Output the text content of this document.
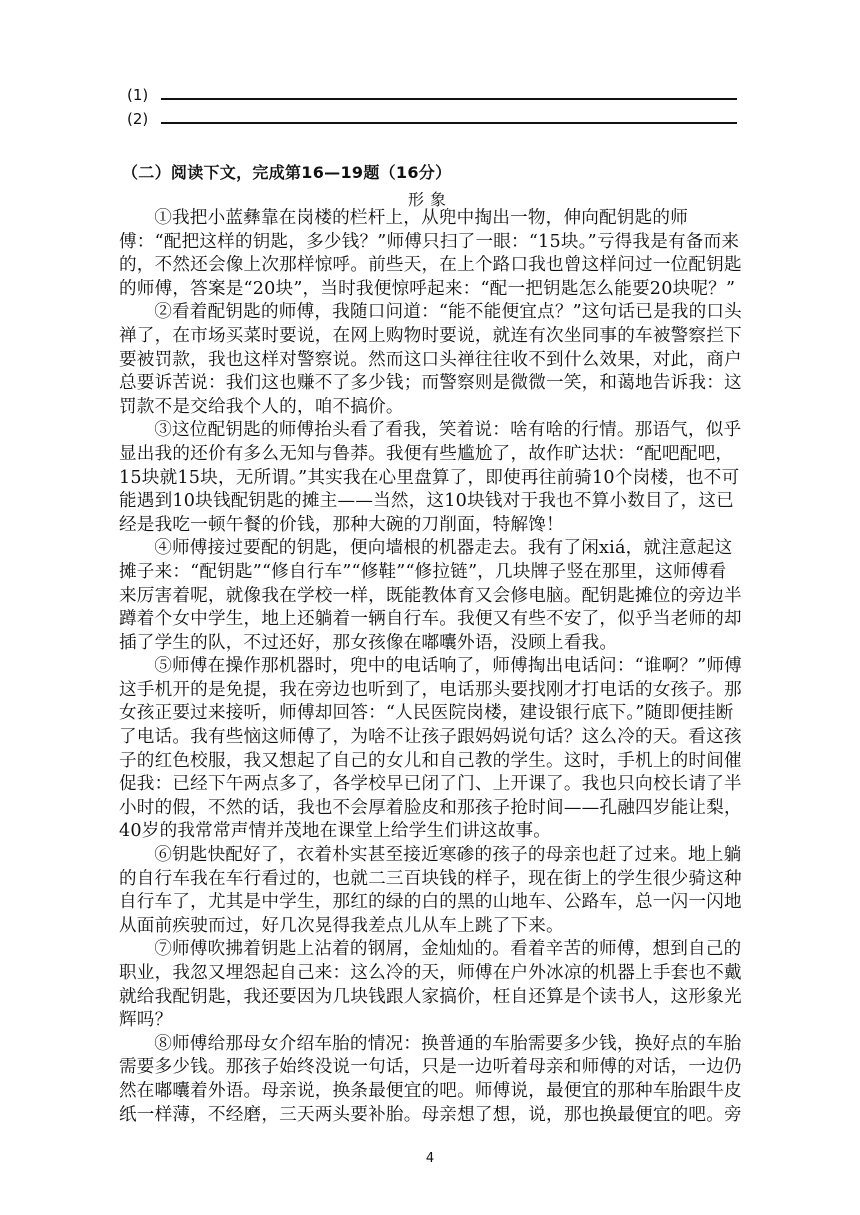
(1)
(2)
（二）阅读下文，完成第16—19题（16分）
形象

①我把小蓝彝靠在岗楼的栏杆上，从兜中掏出一物，伸向配钥匙的师傅：“配把这样的钥匙，多少钱？”师傅只扫了一眼：“15块。”亏得我是有备而来的，不然还会像上次那样惊呼。前些天，在上个路口我也曾这样问过一位配钥匙的师傅，答案是“20块”，当时我便惊呼起来：“配一把钥匙怎么能要20块呢？”

②看着配钥匙的师傅，我随口问道：“能不能便宜点？”这句话已是我的口头禅了，在市场买菜时要说，在网上购物时要说，就连有次坐同事的车被警察拦下要被罚款，我也这样对警察说。然而这口头禅往往收不到什么效果，对此，商户总要诉苦说：我们这也赚不了多少钱；而警察则是微微一笑，和蔼地告诉我：这罚款不是交给我个人的，咱不搞价。

③这位配钥匙的师傅抬头看了看我，笑着说：啥有啥的行情。那语气，似乎显出我的还价有多么无知与鲁莽。我便有些尴尬了，故作旷达状：“配吧配吧，15块就15块，无所谓。”其实我在心里盘算了，即使再往前骑10个岗楼，也不可能遇到10块钱配钥匙的摊主——当然，这10块钱对于我也不算小数目了，这已经是我吃一顿午餐的价钱，那种大碗的刀削面，特解馋！

④师傅接过要配的钥匙，便向墙根的机器走去。我有了闲xiá，就注意起这摊子来：“配钥匙”“修自行车”“修鞋”“修拉链”，几块牌子竖在那里，这师傅看来厉害着呢，就像我在学校一样，既能教体育又会修电脑。配钥匙摊位的旁边半蹲着个女中学生，地上还躺着一辆自行车。我便又有些不安了，似乎当老师的却插了学生的队，不过还好，那女孩像在嘟囔外语，没顾上看我。

⑤师傅在操作那机器时，兜中的电话响了，师傅掏出电话问：“谁啊？”师傅这手机开的是免提，我在旁边也听到了，电话那头要找刚才打电话的女孩子。那女孩正要过来接听，师傅却回答：“人民医院岗楼，建设银行底下。”随即便挂断了电话。我有些恼这师傅了，为啥不让孩子跟妈妈说句话？这么冷的天。看这孩子的红色校服，我又想起了自己的女儿和自己教的学生。这时，手机上的时间催促我：已经下午两点多了，各学校早已闭了门、上开课了。我也只向校长请了半小时的假，不然的话，我也不会厚着脸皮和那孩子抢时间——孔融四岁能让梨，40岁的我常常声情并茂地在课堂上给学生们讲这故事。

⑥钥匙快配好了，衣着朴实甚至接近寒碜的孩子的母亲也赶了过来。地上躺的自行车我在车行看过的，也就二三百块钱的样子，现在街上的学生很少骑这种自行车了，尤其是中学生，那红的绿的白的黑的山地车、公路车，总一闪一闪地从面前疾驶而过，好几次晃得我差点儿从车上跳了下来。

⑦师傅吹拂着钥匙上沾着的钢屑，金灿灿的。看着辛苦的师傅，想到自己的职业，我忽又埋怨起自己来：这么冷的天，师傅在户外冰凉的机器上手套也不戴就给我配钥匙，我还要因为几块钱跟人家搞价，枉自还算是个读书人，这形象光辉吗？

⑧师傅给那母女介绍车胎的情况：换普通的车胎需要多少钱，换好点的车胎需要多少钱。那孩子始终没说一句话，只是一边听着母亲和师傅的对话，一边仍然在嘟囔着外语。母亲说，换条最便宜的吧。师傅说，最便宜的那种车胎跟牛皮纸一样薄，不经磨，三天两头要补胎。母亲想了想，说，那也换最便宜的吧。旁

4
